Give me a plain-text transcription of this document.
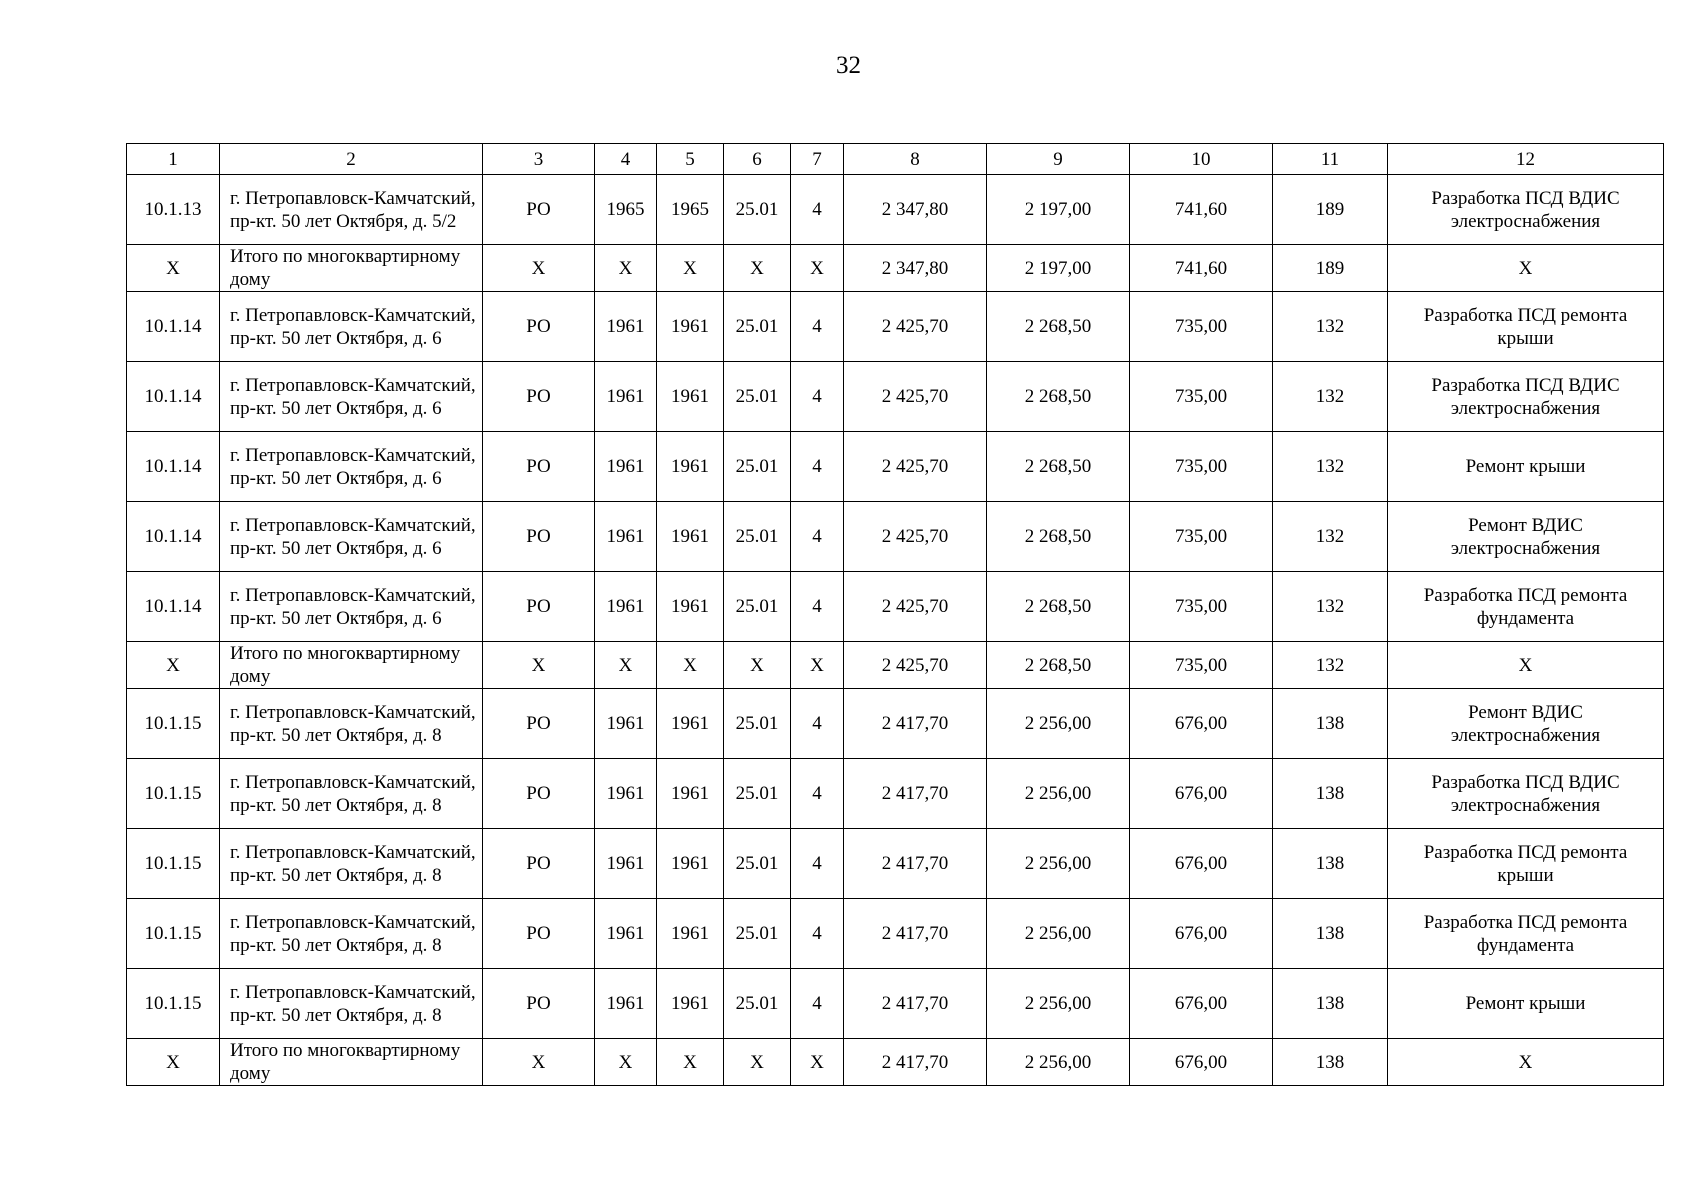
32
1	2	3	4	5	6	7	8	9	10	11	12
10.1.13	г. Петропавловск-Камчатский, пр-кт. 50 лет Октября, д. 5/2	РО	1965	1965	25.01	4	2 347,80	2 197,00	741,60	189	Разработка ПСД ВДИС электроснабжения
X	Итого по многоквартирному дому	X	X	X	X	X	2 347,80	2 197,00	741,60	189	X
10.1.14	г. Петропавловск-Камчатский, пр-кт. 50 лет Октября, д. 6	РО	1961	1961	25.01	4	2 425,70	2 268,50	735,00	132	Разработка ПСД ремонта крыши
10.1.14	г. Петропавловск-Камчатский, пр-кт. 50 лет Октября, д. 6	РО	1961	1961	25.01	4	2 425,70	2 268,50	735,00	132	Разработка ПСД ВДИС электроснабжения
10.1.14	г. Петропавловск-Камчатский, пр-кт. 50 лет Октября, д. 6	РО	1961	1961	25.01	4	2 425,70	2 268,50	735,00	132	Ремонт крыши
10.1.14	г. Петропавловск-Камчатский, пр-кт. 50 лет Октября, д. 6	РО	1961	1961	25.01	4	2 425,70	2 268,50	735,00	132	Ремонт ВДИС электроснабжения
10.1.14	г. Петропавловск-Камчатский, пр-кт. 50 лет Октября, д. 6	РО	1961	1961	25.01	4	2 425,70	2 268,50	735,00	132	Разработка ПСД ремонта фундамента
X	Итого по многоквартирному дому	X	X	X	X	X	2 425,70	2 268,50	735,00	132	X
10.1.15	г. Петропавловск-Камчатский, пр-кт. 50 лет Октября, д. 8	РО	1961	1961	25.01	4	2 417,70	2 256,00	676,00	138	Ремонт ВДИС электроснабжения
10.1.15	г. Петропавловск-Камчатский, пр-кт. 50 лет Октября, д. 8	РО	1961	1961	25.01	4	2 417,70	2 256,00	676,00	138	Разработка ПСД ВДИС электроснабжения
10.1.15	г. Петропавловск-Камчатский, пр-кт. 50 лет Октября, д. 8	РО	1961	1961	25.01	4	2 417,70	2 256,00	676,00	138	Разработка ПСД ремонта крыши
10.1.15	г. Петропавловск-Камчатский, пр-кт. 50 лет Октября, д. 8	РО	1961	1961	25.01	4	2 417,70	2 256,00	676,00	138	Разработка ПСД ремонта фундамента
10.1.15	г. Петропавловск-Камчатский, пр-кт. 50 лет Октября, д. 8	РО	1961	1961	25.01	4	2 417,70	2 256,00	676,00	138	Ремонт крыши
X	Итого по многоквартирному дому	X	X	X	X	X	2 417,70	2 256,00	676,00	138	X
